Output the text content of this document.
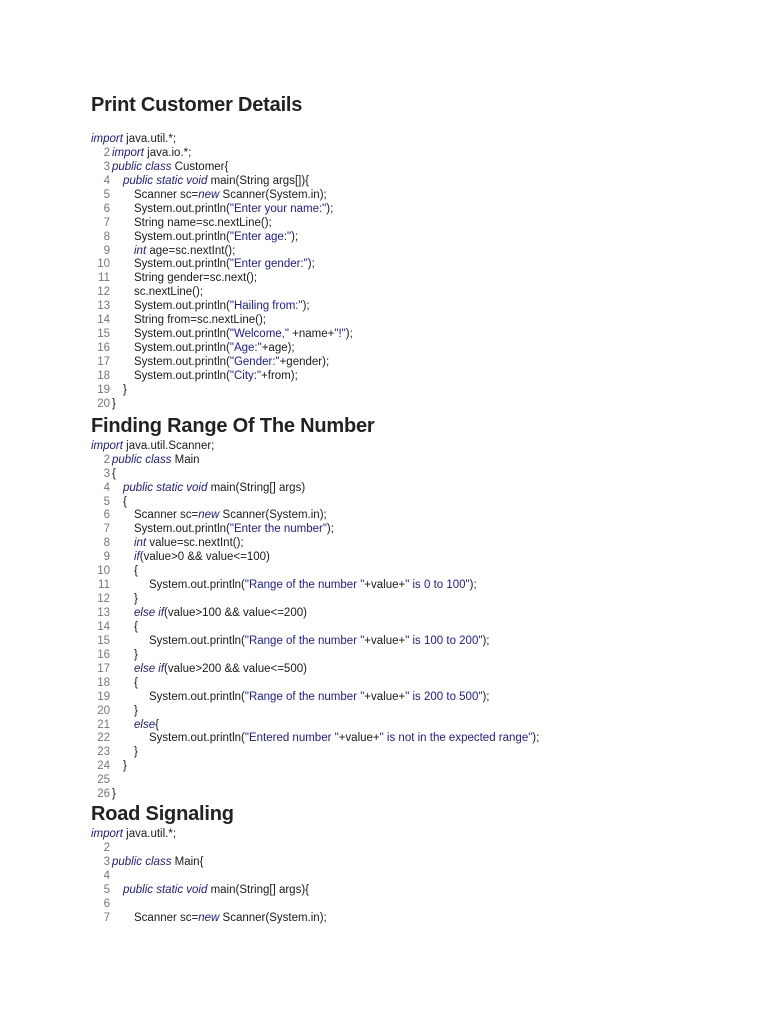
Print Customer Details
import java.util.*;
2 import java.io.*;
3 public class Customer{
4 public static void main(String args[]){
5 Scanner sc=new Scanner(System.in);
6 System.out.println("Enter your name:");
7 String name=sc.nextLine();
8 System.out.println("Enter age:");
9 int age=sc.nextInt();
10 System.out.println("Enter gender:");
11 String gender=sc.next();
12 sc.nextLine();
13 System.out.println("Hailing from:");
14 String from=sc.nextLine();
15 System.out.println("Welcome," +name+"!");
16 System.out.println("Age:"+age);
17 System.out.println("Gender:"+gender);
18 System.out.println("City:"+from);
19 }
20 }
Finding Range Of The Number
import java.util.Scanner;
2 public class Main
3 {
4 public static void main(String[] args)
5 {
6 Scanner sc=new Scanner(System.in);
7 System.out.println("Enter the number");
8 int value=sc.nextInt();
9 if(value>0 && value<=100)
10 {
11	System.out.println("Range of the number "+value+" is 0 to 100");
12 }
13 else if(value>100 && value<=200)
14 {
15	System.out.println("Range of the number "+value+" is 100 to 200");
16 }
17 else if(value>200 && value<=500)
18 {
19	System.out.println("Range of the number "+value+" is 200 to 500");
20 }
21 else{
22	System.out.println("Entered number "+value+" is not in the expected range");
23 }
24 }
25
26 }
Road Signaling
import java.util.*;
2
3 public class Main{
4
5 public static void main(String[] args){
6
7 Scanner sc=new Scanner(System.in);
